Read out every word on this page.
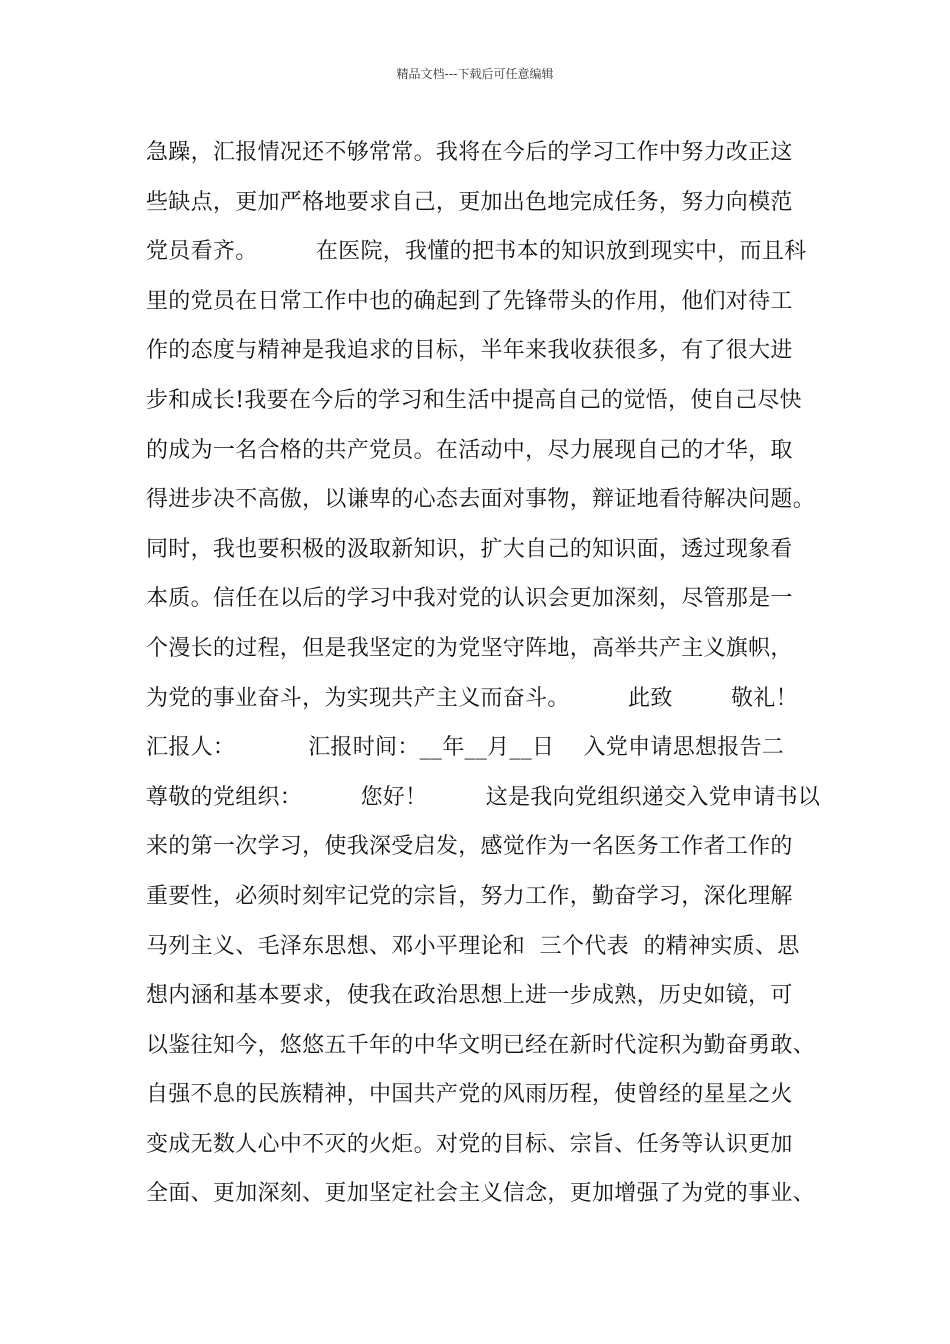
精品文档---下载后可任意编辑
急躁，汇报情况还不够常常。我将在今后的学习工作中努力改正这
些缺点，更加严格地要求自己，更加出色地完成任务，努力向模范
党员看齐。        在医院，我懂的把书本的知识放到现实中，而且科
里的党员在日常工作中也的确起到了先锋带头的作用，他们对待工
作的态度与精神是我追求的目标，半年来我收获很多，有了很大进
步和成长!我要在今后的学习和生活中提高自己的觉悟，使自己尽快
的成为一名合格的共产党员。在活动中，尽力展现自己的才华，取
得进步决不高傲，以谦卑的心态去面对事物，辩证地看待解决问题。
同时，我也要积极的汲取新知识，扩大自己的知识面，透过现象看
本质。信任在以后的学习中我对党的认识会更加深刻，尽管那是一
个漫长的过程，但是我坚定的为党坚守阵地，高举共产主义旗帜，
为党的事业奋斗，为实现共产主义而奋斗。        此致        敬礼！
汇报人：          汇报时间：__年__月__日    入党申请思想报告二
尊敬的党组织：        您好！        这是我向党组织递交入党申请书以
来的第一次学习，使我深受启发，感觉作为一名医务工作者工作的
重要性，必须时刻牢记党的宗旨，努力工作，勤奋学习，深化理解
马列主义、毛泽东思想、邓小平理论和  三个代表  的精神实质、思
想内涵和基本要求，使我在政治思想上进一步成熟，历史如镜，可
以鉴往知今，悠悠五千年的中华文明已经在新时代淀积为勤奋勇敢、
自强不息的民族精神，中国共产党的风雨历程，使曾经的星星之火
变成无数人心中不灭的火炬。对党的目标、宗旨、任务等认识更加
全面、更加深刻、更加坚定社会主义信念，更加增强了为党的事业、
